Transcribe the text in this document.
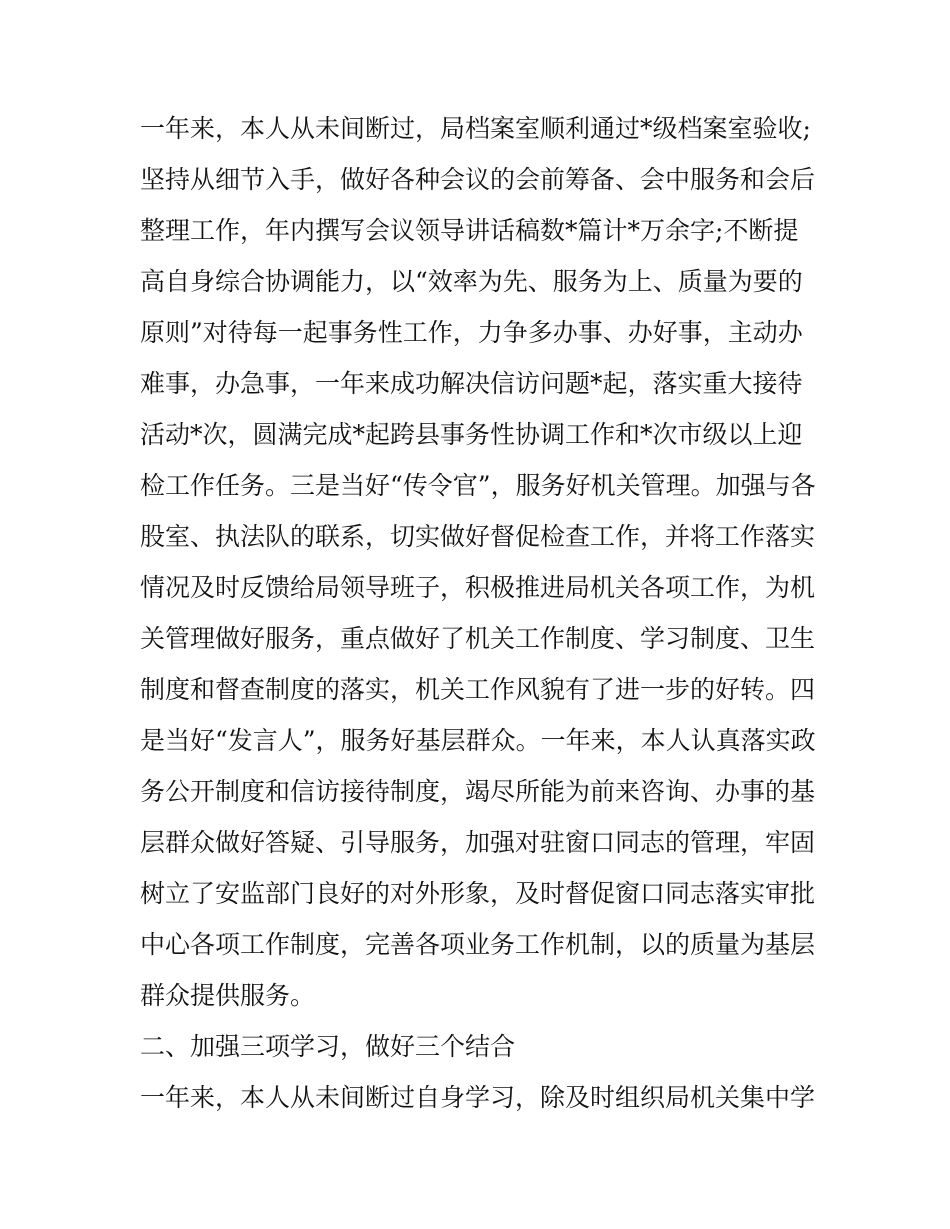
一年来，本人从未间断过，局档案室顺利通过*级档案室验收;
坚持从细节入手，做好各种会议的会前筹备、会中服务和会后
整理工作，年内撰写会议领导讲话稿数*篇计*万余字;不断提
高自身综合协调能力，以“效率为先、服务为上、质量为要的
原则”对待每一起事务性工作，力争多办事、办好事，主动办
难事，办急事，一年来成功解决信访问题*起，落实重大接待
活动*次，圆满完成*起跨县事务性协调工作和*次市级以上迎
检工作任务。三是当好“传令官”，服务好机关管理。加强与各
股室、执法队的联系，切实做好督促检查工作，并将工作落实
情况及时反馈给局领导班子，积极推进局机关各项工作，为机
关管理做好服务，重点做好了机关工作制度、学习制度、卫生
制度和督查制度的落实，机关工作风貌有了进一步的好转。四
是当好“发言人”，服务好基层群众。一年来，本人认真落实政
务公开制度和信访接待制度，竭尽所能为前来咨询、办事的基
层群众做好答疑、引导服务，加强对驻窗口同志的管理，牢固
树立了安监部门良好的对外形象，及时督促窗口同志落实审批
中心各项工作制度，完善各项业务工作机制，以的质量为基层
群众提供服务。
二、加强三项学习，做好三个结合
一年来，本人从未间断过自身学习，除及时组织局机关集中学
